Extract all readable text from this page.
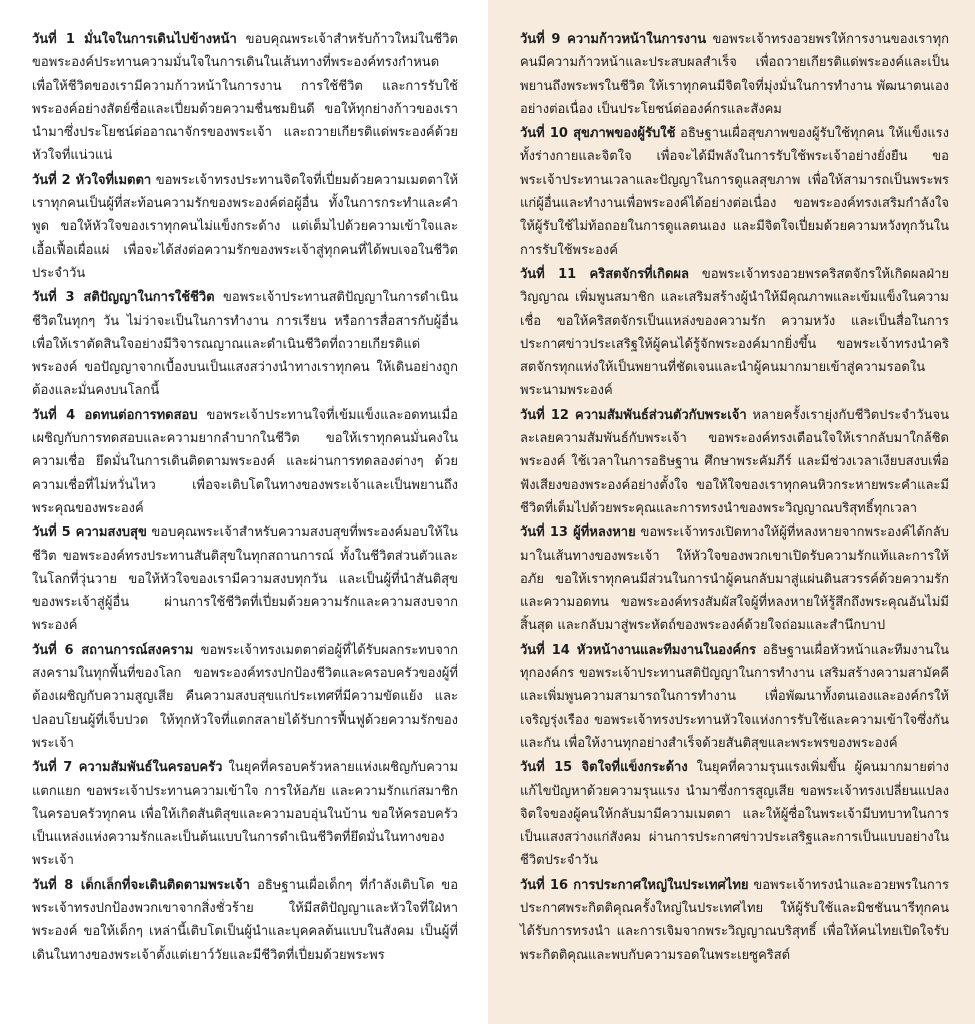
วันที่ 1 มั่นใจในการเดินไปข้างหน้า ขอบคุณพระเจ้าสำหรับก้าวใหม่ในชีวิต ขอพระองค์ประทานความมั่นใจในการเดินในเส้นทางที่พระองค์ทรงกำหนด เพื่อให้ชีวิตของเรามีความก้าวหน้าในการงาน การใช้ชีวิต และการรับใช้พระองค์อย่างสัตย์ซื่อและเปี่ยมด้วยความชื่นชมยินดี ขอให้ทุกย่างก้าวของเรานำมาซึ่งประโยชน์ต่ออาณาจักรของพระเจ้า และถวายเกียรติแด่พระองค์ด้วยหัวใจที่แน่วแน่

วันที่ 2 หัวใจที่เมตตา ขอพระเจ้าทรงประทานจิตใจที่เปี่ยมด้วยความเมตตาให้เราทุกคนเป็นผู้ที่สะท้อนความรักของพระองค์ต่อผู้อื่น ทั้งในการกระทำและคำพูด ขอให้หัวใจของเราทุกคนไม่แข็งกระด้าง แต่เต็มไปด้วยความเข้าใจและเอื้อเฟื้อเผื่อแผ่ เพื่อจะได้ส่งต่อความรักของพระเจ้าสู่ทุกคนที่ได้พบเจอในชีวิตประจำวัน

วันที่ 3 สติปัญญาในการใช้ชีวิต ขอพระเจ้าประทานสติปัญญาในการดำเนินชีวิตในทุกๆ วัน ไม่ว่าจะเป็นในการทำงาน การเรียน หรือการสื่อสารกับผู้อื่น เพื่อให้เราตัดสินใจอย่างมีวิจารณญาณและดำเนินชีวิตที่ถวายเกียรติแด่พระองค์ ขอปัญญาจากเบื้องบนเป็นแสงสว่างนำทางเราทุกคน ให้เดินอย่างถูกต้องและมั่นคงบนโลกนี้

วันที่ 4 อดทนต่อการทดสอบ ขอพระเจ้าประทานใจที่เข้มแข็งและอดทนเมื่อเผชิญกับการทดสอบและความยากลำบากในชีวิต ขอให้เราทุกคนมั่นคงในความเชื่อ ยึดมั่นในการเดินติดตามพระองค์ และผ่านการทดลองต่างๆ ด้วยความเชื่อที่ไม่หวั่นไหว เพื่อจะเติบโตในทางของพระเจ้าและเป็นพยานถึงพระคุณของพระองค์

วันที่ 5 ความสงบสุข ขอบคุณพระเจ้าสำหรับความสงบสุขที่พระองค์มอบให้ในชีวิต ขอพระองค์ทรงประทานสันติสุขในทุกสถานการณ์ ทั้งในชีวิตส่วนตัวและในโลกที่วุ่นวาย ขอให้หัวใจของเรามีความสงบทุกวัน และเป็นผู้ที่นำสันติสุขของพระเจ้าสู่ผู้อื่น ผ่านการใช้ชีวิตที่เปี่ยมด้วยความรักและความสงบจากพระองค์

วันที่ 6 สถานการณ์สงคราม ขอพระเจ้าทรงเมตตาต่อผู้ที่ได้รับผลกระทบจากสงครามในทุกพื้นที่ของโลก ขอพระองค์ทรงปกป้องชีวิตและครอบครัวของผู้ที่ต้องเผชิญกับความสูญเสีย คืนความสงบสุขแก่ประเทศที่มีความขัดแย้ง และปลอบโยนผู้ที่เจ็บปวด ให้ทุกหัวใจที่แตกสลายได้รับการฟื้นฟูด้วยความรักของพระเจ้า

วันที่ 7 ความสัมพันธ์ในครอบครัว ในยุคที่ครอบครัวหลายแห่งเผชิญกับความแตกแยก ขอพระเจ้าประทานความเข้าใจ การให้อภัย และความรักแก่สมาชิกในครอบครัวทุกคน เพื่อให้เกิดสันติสุขและความอบอุ่นในบ้าน ขอให้ครอบครัวเป็นแหล่งแห่งความรักและเป็นต้นแบบในการดำเนินชีวิตที่ยึดมั่นในทางของพระเจ้า

วันที่ 8 เด็กเล็กที่จะเดินติดตามพระเจ้า อธิษฐานเผื่อเด็กๆ ที่กำลังเติบโต ขอพระเจ้าทรงปกป้องพวกเขาจากสิ่งชั่วร้าย ให้มีสติปัญญาและหัวใจที่ใฝ่หาพระองค์ ขอให้เด็กๆ เหล่านี้เติบโตเป็นผู้นำและบุคคลต้นแบบในสังคม เป็นผู้ที่เดินในทางของพระเจ้าตั้งแต่เยาว์วัยและมีชีวิตที่เปี่ยมด้วยพระพร

วันที่ 9 ความก้าวหน้าในการงาน ขอพระเจ้าทรงอวยพรให้การงานของเราทุกคนมีความก้าวหน้าและประสบผลสำเร็จ เพื่อถวายเกียรติแด่พระองค์และเป็นพยานถึงพระพรในชีวิต ให้เราทุกคนมีจิตใจที่มุ่งมั่นในการทำงาน พัฒนาตนเองอย่างต่อเนื่อง เป็นประโยชน์ต่อองค์กรและสังคม

วันที่ 10 สุขภาพของผู้รับใช้ อธิษฐานเผื่อสุขภาพของผู้รับใช้ทุกคน ให้แข็งแรงทั้งร่างกายและจิตใจ เพื่อจะได้มีพลังในการรับใช้พระเจ้าอย่างยั่งยืน ขอพระเจ้าประทานเวลาและปัญญาในการดูแลสุขภาพ เพื่อให้สามารถเป็นพระพรแก่ผู้อื่นและทำงานเพื่อพระองค์ได้อย่างต่อเนื่อง ขอพระองค์ทรงเสริมกำลังใจให้ผู้รับใช้ไม่ท้อถอยในการดูแลตนเอง และมีจิตใจเปี่ยมด้วยความหวังทุกวันในการรับใช้พระองค์

วันที่ 11 คริสตจักรที่เกิดผล ขอพระเจ้าทรงอวยพรคริสตจักรให้เกิดผลฝ่ายวิญญาณ เพิ่มพูนสมาชิก และเสริมสร้างผู้นำให้มีคุณภาพและเข้มแข็งในความเชื่อ ขอให้คริสตจักรเป็นแหล่งของความรัก ความหวัง และเป็นสื่อในการประกาศข่าวประเสริฐให้ผู้คนได้รู้จักพระองค์มากยิ่งขึ้น ขอพระเจ้าทรงนำคริสตจักรทุกแห่งให้เป็นพยานที่ชัดเจนและนำผู้คนมากมายเข้าสู่ความรอดในพระนามพระองค์

วันที่ 12 ความสัมพันธ์ส่วนตัวกับพระเจ้า หลายครั้งเรายุ่งกับชีวิตประจำวันจนละเลยความสัมพันธ์กับพระเจ้า ขอพระองค์ทรงเตือนใจให้เรากลับมาใกล้ชิดพระองค์ ใช้เวลาในการอธิษฐาน ศึกษาพระคัมภีร์ และมีช่วงเวลาเงียบสงบเพื่อฟังเสียงของพระองค์อย่างตั้งใจ ขอให้ใจของเราทุกคนหิวกระหายพระคำและมีชีวิตที่เต็มไปด้วยพระคุณและการทรงนำของพระวิญญาณบริสุทธิ์ทุกเวลา

วันที่ 13 ผู้ที่หลงหาย ขอพระเจ้าทรงเปิดทางให้ผู้ที่หลงหายจากพระองค์ได้กลับมาในเส้นทางของพระเจ้า ให้หัวใจของพวกเขาเปิดรับความรักแท้และการให้อภัย ขอให้เราทุกคนมีส่วนในการนำผู้คนกลับมาสู่แผ่นดินสวรรค์ด้วยความรักและความอดทน ขอพระองค์ทรงสัมผัสใจผู้ที่หลงหายให้รู้สึกถึงพระคุณอันไม่มีสิ้นสุด และกลับมาสู่พระหัตถ์ของพระองค์ด้วยใจถ่อมและสำนึกบาป

วันที่ 14 หัวหน้างานและทีมงานในองค์กร อธิษฐานเผื่อหัวหน้าและทีมงานในทุกองค์กร ขอพระเจ้าประทานสติปัญญาในการทำงาน เสริมสร้างความสามัคคีและเพิ่มพูนความสามารถในการทำงาน เพื่อพัฒนาทั้งตนเองและองค์กรให้เจริญรุ่งเรือง ขอพระเจ้าทรงประทานหัวใจแห่งการรับใช้และความเข้าใจซึ่งกันและกัน เพื่อให้งานทุกอย่างสำเร็จด้วยสันติสุขและพระพรของพระองค์

วันที่ 15 จิตใจที่แข็งกระด้าง ในยุคที่ความรุนแรงเพิ่มขึ้น ผู้คนมากมายต่างแก้ไขปัญหาด้วยความรุนแรง นำมาซึ่งการสูญเสีย ขอพระเจ้าทรงเปลี่ยนแปลงจิตใจของผู้คนให้กลับมามีความเมตตา และให้ผู้ซื่อในพระเจ้ามีบทบาทในการเป็นแสงสว่างแก่สังคม ผ่านการประกาศข่าวประเสริฐและการเป็นแบบอย่างในชีวิตประจำวัน

วันที่ 16 การประกาศใหญ่ในประเทศไทย ขอพระเจ้าทรงนำและอวยพรในการประกาศพระกิตติคุณครั้งใหญ่ในประเทศไทย ให้ผู้รับใช้และมิชชันนารีทุกคนได้รับการทรงนำ และการเจิมจากพระวิญญาณบริสุทธิ์ เพื่อให้คนไทยเปิดใจรับพระกิตติคุณและพบกับความรอดในพระเยซูคริสต์
